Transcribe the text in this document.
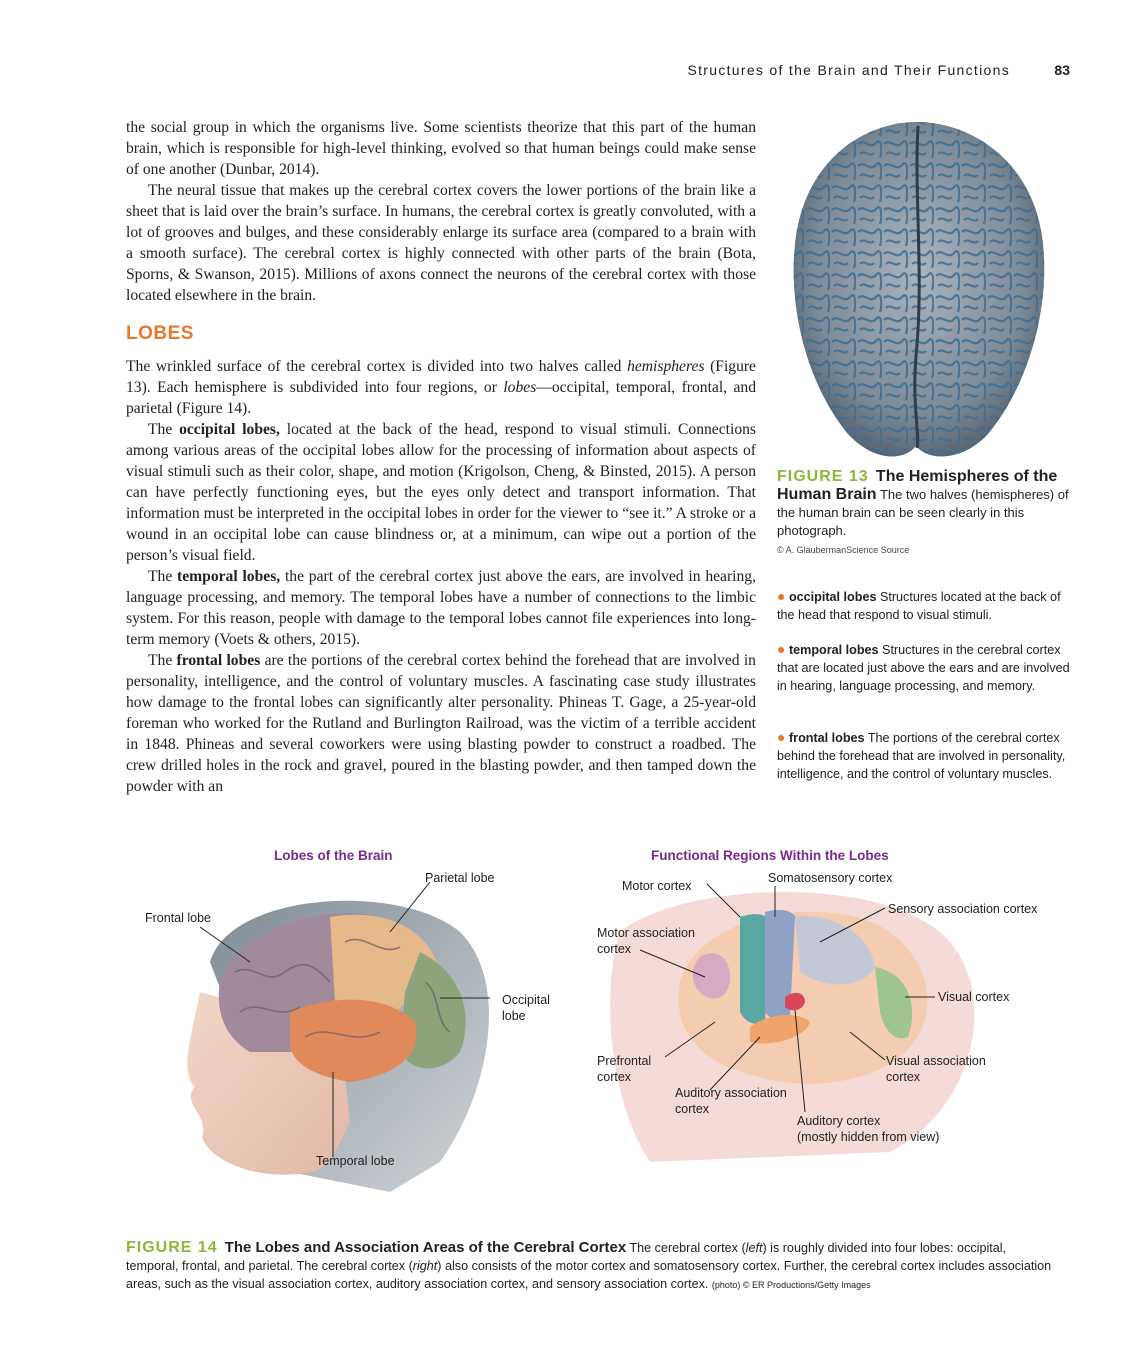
Structures of the Brain and Their Functions	83

the social group in which the organisms live. Some scientists theorize that this part of the human brain, which is responsible for high-level thinking, evolved so that human beings could make sense of one another (Dunbar, 2014).

The neural tissue that makes up the cerebral cortex covers the lower portions of the brain like a sheet that is laid over the brain’s surface. In humans, the cerebral cortex is greatly convoluted, with a lot of grooves and bulges, and these considerably enlarge its surface area (compared to a brain with a smooth surface). The cerebral cortex is highly connected with other parts of the brain (Bota, Sporns, & Swanson, 2015). Millions of axons connect the neurons of the cerebral cortex with those located elsewhere in the brain.

LOBES

The wrinkled surface of the cerebral cortex is divided into two halves called hemispheres (Figure 13). Each hemisphere is subdivided into four regions, or lobes—occipital, temporal, frontal, and parietal (Figure 14).

The occipital lobes, located at the back of the head, respond to visual stimuli. Connections among various areas of the occipital lobes allow for the processing of information about aspects of visual stimuli such as their color, shape, and motion (Krigolson, Cheng, & Binsted, 2015). A person can have perfectly functioning eyes, but the eyes only detect and transport information. That information must be interpreted in the occipital lobes in order for the viewer to “see it.” A stroke or a wound in an occipital lobe can cause blindness or, at a minimum, can wipe out a portion of the person’s visual field.

The temporal lobes, the part of the cerebral cortex just above the ears, are involved in hearing, language processing, and memory. The temporal lobes have a number of connections to the limbic system. For this reason, people with damage to the temporal lobes cannot file experiences into long-term memory (Voets & others, 2015).

The frontal lobes are the portions of the cerebral cortex behind the forehead that are involved in personality, intelligence, and the control of voluntary muscles. A fascinating case study illustrates how damage to the frontal lobes can significantly alter personality. Phineas T. Gage, a 25-year-old foreman who worked for the Rutland and Burlington Railroad, was the victim of a terrible accident in 1848. Phineas and several coworkers were using blasting powder to construct a roadbed. The crew drilled holes in the rock and gravel, poured in the blasting powder, and then tamped down the powder with an

FIGURE 13 The Hemispheres of the Human Brain The two halves (hemispheres) of the human brain can be seen clearly in this photograph.
© A. GlaubermanScience Source
● occipital lobes Structures located at the back of the head that respond to visual stimuli.
● temporal lobes Structures in the cerebral cortex that are located just above the ears and are involved in hearing, language processing, and memory.
● frontal lobes The portions of the cerebral cortex behind the forehead that are involved in personality, intelligence, and the control of voluntary muscles.
Lobes of the Brain	Functional Regions Within the Lobes
Parietal lobe
Frontal lobe
Occipital lobe
Temporal lobe
Motor cortex
Somatosensory cortex
Sensory association cortex
Motor association cortex
Visual cortex
Prefrontal cortex
Visual association cortex
Auditory association cortex
Auditory cortex
(mostly hidden from view)
FIGURE 14 The Lobes and Association Areas of the Cerebral Cortex The cerebral cortex (left) is roughly divided into four lobes: occipital, temporal, frontal, and parietal. The cerebral cortex (right) also consists of the motor cortex and somatosensory cortex. Further, the cerebral cortex includes association areas, such as the visual association cortex, auditory association cortex, and sensory association cortex. (photo) © ER Productions/Getty Images
